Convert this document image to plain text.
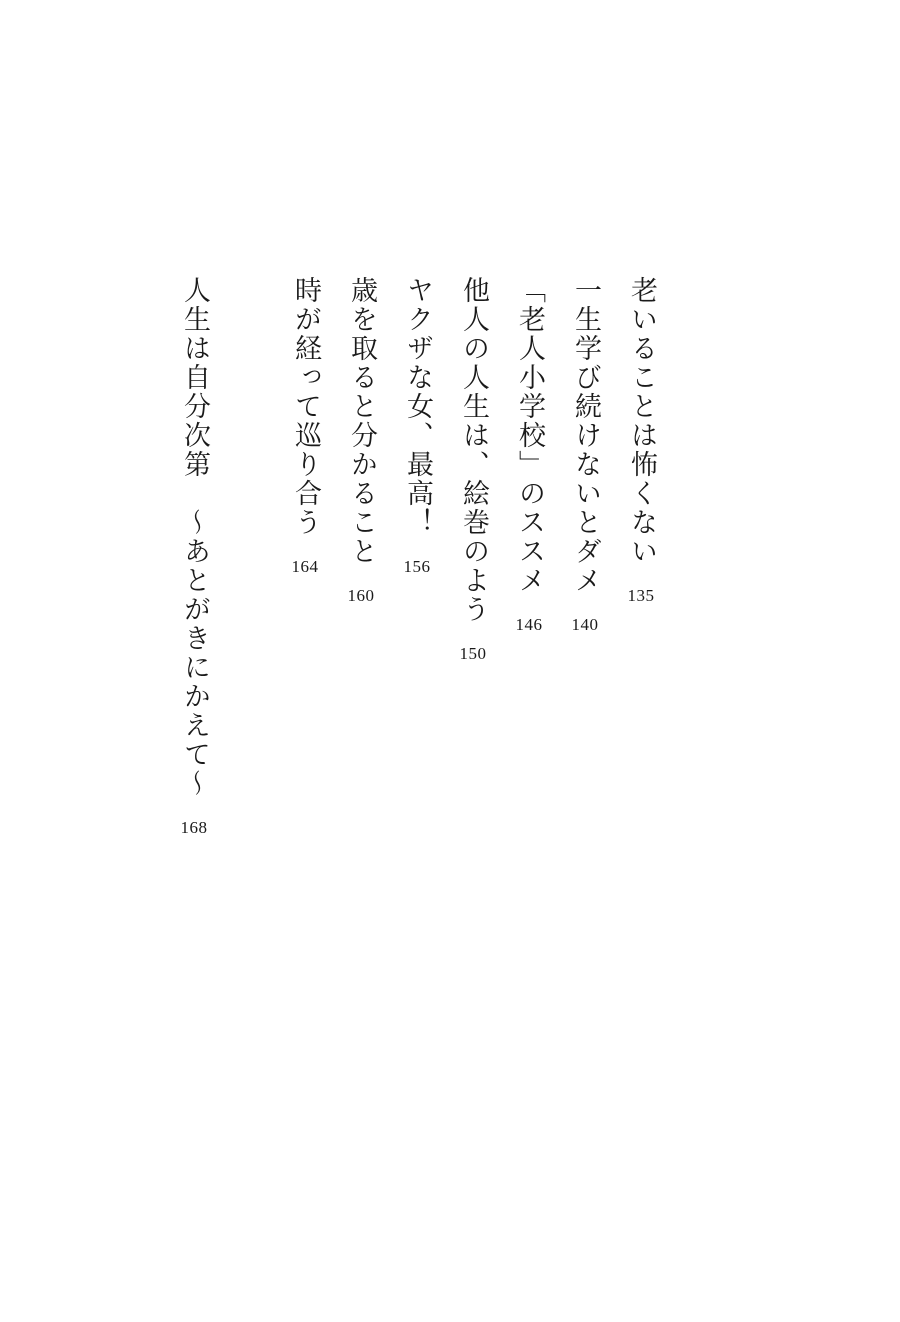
老いることは怖くない
135
一生学び続けないとダメ
140
「老人小学校」のススメ
146
他人の人生は、絵巻のよう
150
ヤクザな女、最高！
156
歳を取ると分かること
160
時が経って巡り合う
164
人生は自分次第　～あとがきにかえて～
168
